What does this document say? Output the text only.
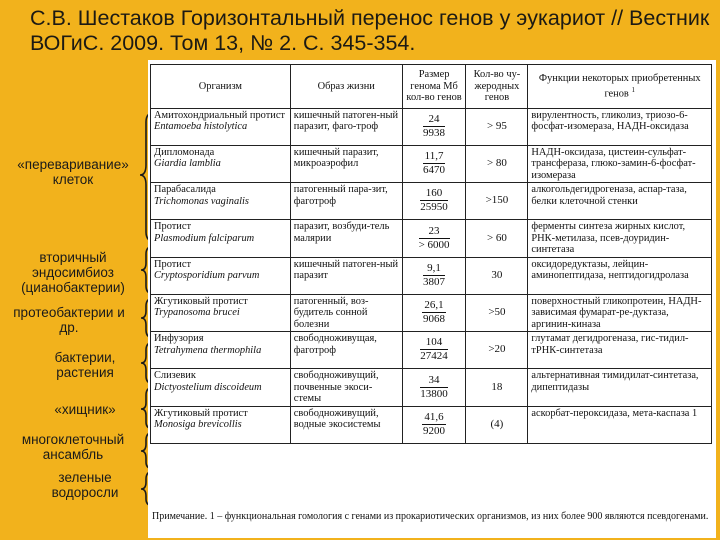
С.В. Шестаков Горизонтальный перенос генов у эукариот // Вестник ВОГиС. 2009. Том 13, № 2. С. 345-354.
«переваривание» клеток
вторичный эндосимбиоз (цианобактерии)
протеобактерии и др.
бактерии, растения
«хищник»
многоклеточный ансамбль
зеленые водоросли
Организм	Образ жизни	Размер генома Мб кол-во генов	Кол-во чу-жеродных генов	Функции некоторых приобретенных генов $^1$
Амитохондриальный протист
Entamoeba histolytica	кишечный патоген-ный паразит, фаго-троф	$\frac{24}{9938}$	> 95	вирулентность, гликолиз, триозо-6-фосфат-изомераза, НАДН-оксидаза
Дипломонада
Giardia lamblia	кишечный паразит, микроаэрофил	$\frac{11,7}{6470}$	> 80	НАДН-оксидаза, цистеин-сульфат-трансфераза, глюко-замин-6-фосфат-изомераза
Парабасалида
Trichomonas vaginalis	патогенный пара-зит, фаготроф	$\frac{160}{25950}$	>150	алкогольдегидрогеназа, аспар-таза, белки клеточной стенки
Протист
Plasmodium falciparum	паразит, возбуди-тель малярии	$\frac{23}{> 6000}$	> 60	ферменты синтеза жирных кислот, РНК-метилаза, псев-доуридин-синтетаза
Протист
Cryptosporidium parvum	кишечный патоген-ный паразит	$\frac{9,1}{3807}$	30	оксидоредуктазы, лейцин-аминопептидаза, нептидогидролаза
Жгутиковый протист
Trypanosoma brucei	патогенный, воз-будитель сонной болезни	$\frac{26,1}{9068}$	>50	поверхностный гликопротеин, НАДН-зависимая фумарат-ре-дуктаза, аргинин-киназа
Инфузория
Tetrahymena thermophila	свободноживущая, фаготроф	$\frac{104}{27424}$	>20	глутамат дегидрогеназа, гис-тидил-тРНК-синтетаза
Слизевик
Dictyostelium discoideum	свободноживущий, почвенные экоси-стемы	$\frac{34}{13800}$	18	альтернативная тимидилат-синтетаза, дипептидазы
Жгутиковый протист
Monosiga brevicollis	свободноживущий, водные экосистемы	$\frac{41,6}{9200}$	(4)	аскорбат-пероксидаза, мета-каспаза 1
Примечание. 1 – функциональная гомология с генами из прокариотических организмов, из них более 900 являются псевдогенами.
